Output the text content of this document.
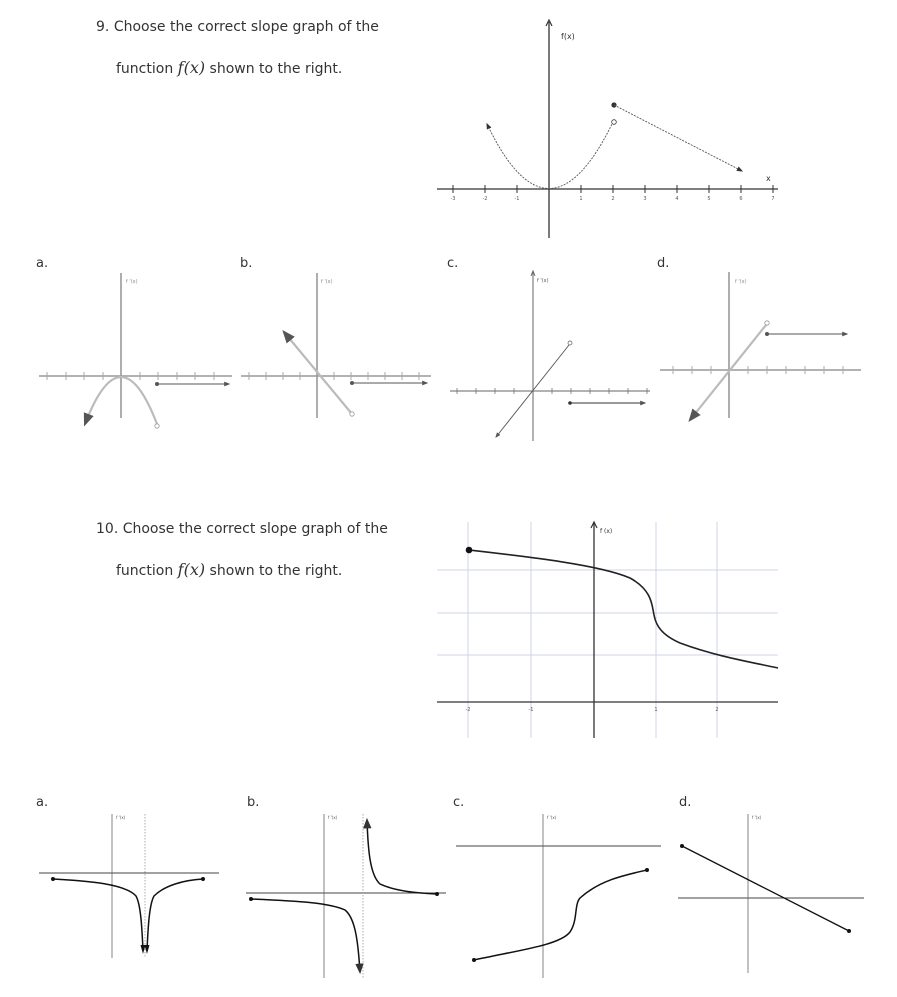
9. Choose the correct slope graph of the
function f(x) shown to the right.
a.	b.	c.	d.
10. Choose the correct slope graph of the
function f(x) shown to the right.
a.	b.	c.	d.
-3	-2	-1	1	2	3	4	5	6	7
f(x)
x
f '(x)	f '(x)	f '(x)	f '(x)
f (x)
-2	-1	1	2
f '(x)	f '(x)	f '(x)	f '(x)
